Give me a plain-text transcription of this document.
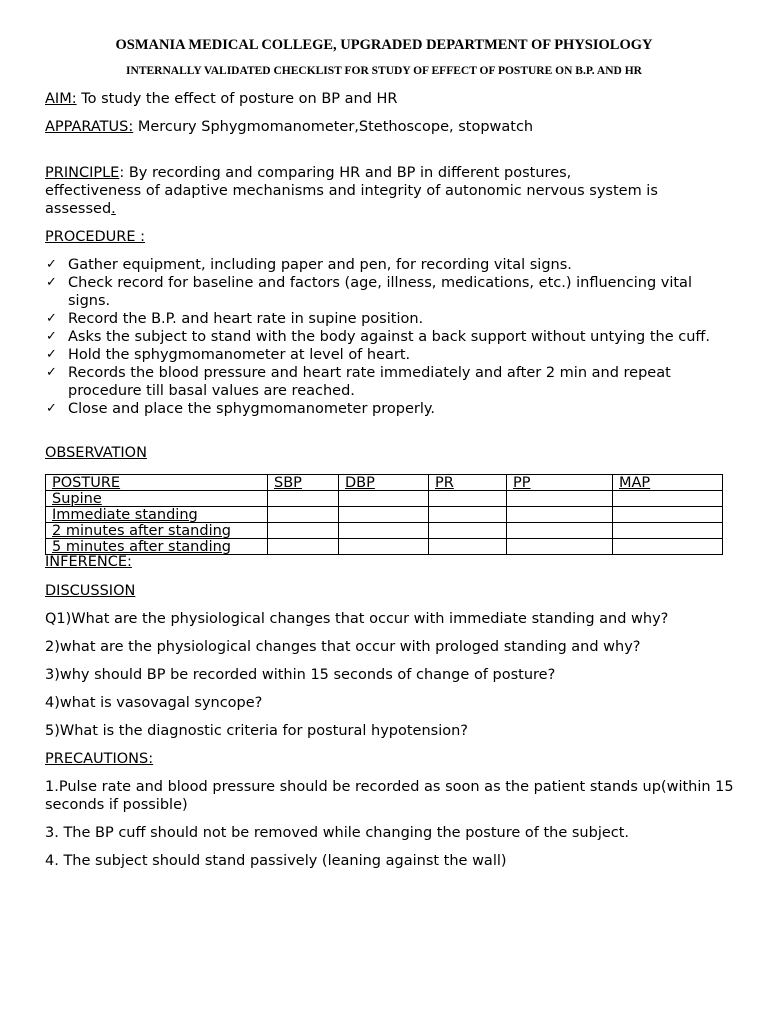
OSMANIA MEDICAL COLLEGE, UPGRADED DEPARTMENT OF PHYSIOLOGY
INTERNALLY VALIDATED CHECKLIST FOR STUDY OF EFFECT OF POSTURE ON B.P. AND HR
AIM: To study the effect of posture on BP and HR
APPARATUS: Mercury Sphygmomanometer,Stethoscope, stopwatch
PRINCIPLE: By recording and comparing HR and BP in different postures,
effectiveness of adaptive mechanisms and integrity of autonomic nervous system is
assessed.
PROCEDURE :
✓ Gather equipment, including paper and pen, for recording vital signs.
✓ Check record for baseline and factors (age, illness, medications, etc.) influencing vital signs.
✓ Record the B.P. and heart rate in supine position.
✓ Asks the subject to stand with the body against a back support without untying the cuff.
✓ Hold the sphygmomanometer at level of heart.
✓ Records the blood pressure and heart rate immediately and after 2 min and repeat procedure till basal values are reached.
✓ Close and place the sphygmomanometer properly.
OBSERVATION
POSTURE	SBP	DBP	PR	PP	MAP
Supine					
Immediate standing					
2 minutes after standing					
5 minutes after standing					
INFERENCE:
DISCUSSION
Q1)What are the physiological changes that occur with immediate standing and why?
2)what are the physiological changes that occur with prologed standing and why?
3)why should BP be recorded within 15 seconds of change of posture?
4)what is vasovagal syncope?
5)What is the diagnostic criteria for postural hypotension?
PRECAUTIONS:
1.Pulse rate and blood pressure should be recorded as soon as the patient stands up(within 15 seconds if possible)
3. The BP cuff should not be removed while changing the posture of the subject.
4. The subject should stand passively (leaning against the wall)
